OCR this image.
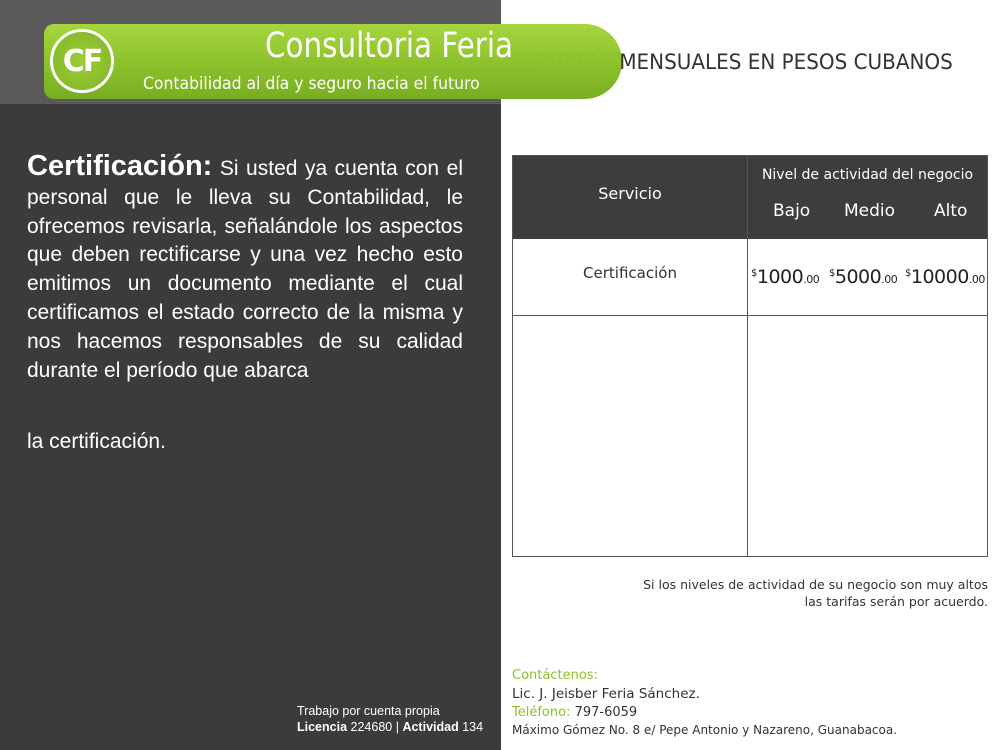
CF	Consultoria Feria
Contabilidad al día y seguro hacia el futuro
TARIFAS MENSUALES EN PESOS CUBANOS

Certificación: Si usted ya cuenta con el personal que le lleva su Contabilidad, le ofrecemos revisarla, señalándole los aspectos que deben rectificarse y una vez hecho esto emitimos un documento mediante el cual certificamos el estado correcto de la misma y nos hacemos responsables de su calidad durante el período que abarca

la certificación.
Trabajo por cuenta propia
Licencia 224680 | Actividad 134
Servicio
Nivel de actividad del negocio
Bajo Medio Alto
Certificación	$1000.00 $5000.00 $10000.00
Si los niveles de actividad de su negocio son muy altos
las tarifas serán por acuerdo.
Contáctenos:
Lic. J. Jeisber Feria Sánchez.
Teléfono: 797-6059
Máximo Gómez No. 8 e/ Pepe Antonio y Nazareno, Guanabacoa.
